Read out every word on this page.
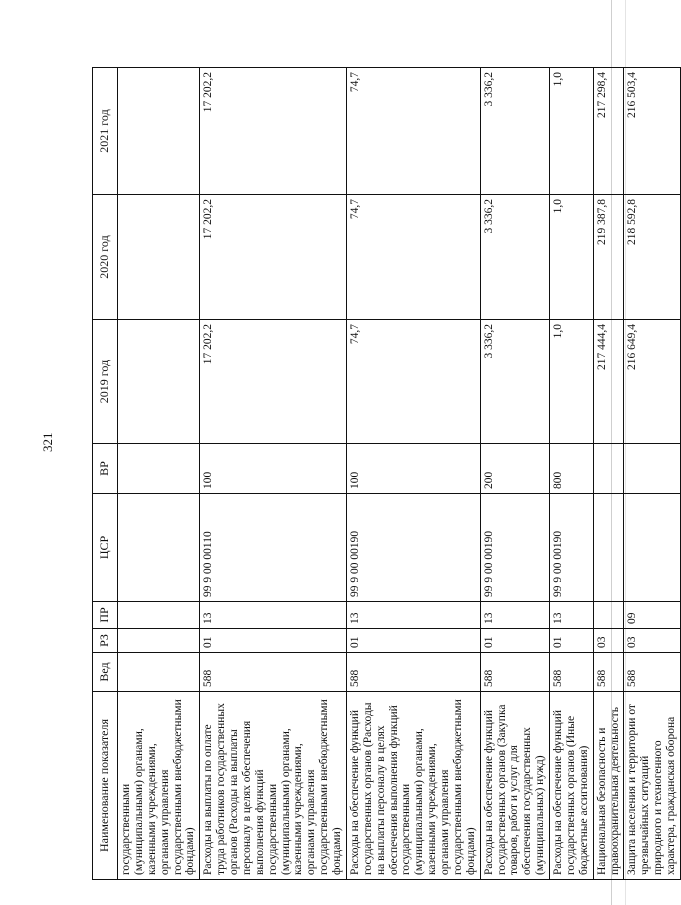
321
Наименование показателя	Вед	РЗ	ПР	ЦСР	ВР	2019 год	2020 год	2021 год
государственными (муниципальными) органами, казенными учреждениями, органами управления государственными внебюджетными фондами)								
Расходы на выплаты по оплате труда работников государственных органов (Расходы на выплаты персоналу в целях обеспечения выполнения функций государственными (муниципальными) органами, казенными учреждениями, органами управления государственными внебюджетными фондами)	588	01	13	99 9 00 00110	100	17 202,2	17 202,2	17 202,2
Расходы на обеспечение функций государственных органов (Расходы на выплаты персоналу в целях обеспечения выполнения функций государственными (муниципальными) органами, казенными учреждениями, органами управления государственными внебюджетными фондами)	588	01	13	99 9 00 00190	100	74,7	74,7	74,7
Расходы на обеспечение функций государственных органов (Закупка товаров, работ и услуг для обеспечения государственных (муниципальных) нужд)	588	01	13	99 9 00 00190	200	3 336,2	3 336,2	3 336,2
Расходы на обеспечение функций государственных органов (Иные бюджетные ассигнования)	588	01	13	99 9 00 00190	800	1,0	1,0	1,0
Национальная безопасность и правоохранительная деятельность	588	03				217 444,4	219 387,8	217 298,4
Защита населения и территории от чрезвычайных ситуаций природного и техногенного характера, гражданская оборона	588	03	09			216 649,4	218 592,8	216 503,4
